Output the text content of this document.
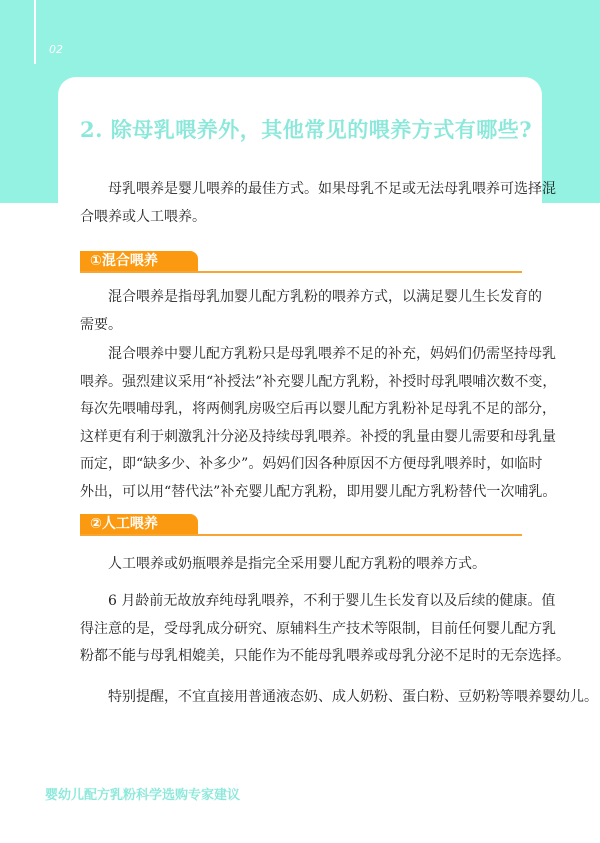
02
2. 除母乳喂养外，其他常见的喂养方式有哪些?
母乳喂养是婴儿喂养的最佳方式。如果母乳不足或无法母乳喂养可选择混
合喂养或人工喂养。
①混合喂养
混合喂养是指母乳加婴儿配方乳粉的喂养方式，以满足婴儿生长发育的
需要。
混合喂养中婴儿配方乳粉只是母乳喂养不足的补充，妈妈们仍需坚持母乳
喂养。强烈建议采用“补授法”补充婴儿配方乳粉，补授时母乳喂哺次数不变，
每次先喂哺母乳，将两侧乳房吸空后再以婴儿配方乳粉补足母乳不足的部分，
这样更有利于刺激乳汁分泌及持续母乳喂养。补授的乳量由婴儿需要和母乳量
而定，即“缺多少、补多少”。妈妈们因各种原因不方便母乳喂养时，如临时
外出，可以用“替代法”补充婴儿配方乳粉，即用婴儿配方乳粉替代一次哺乳。
②人工喂养
人工喂养或奶瓶喂养是指完全采用婴儿配方乳粉的喂养方式。
6 月龄前无故放弃纯母乳喂养，不利于婴儿生长发育以及后续的健康。值
得注意的是，受母乳成分研究、原辅料生产技术等限制，目前任何婴儿配方乳
粉都不能与母乳相媲美，只能作为不能母乳喂养或母乳分泌不足时的无奈选择。
特别提醒，不宜直接用普通液态奶、成人奶粉、蛋白粉、豆奶粉等喂养婴幼儿。
婴幼儿配方乳粉科学选购专家建议
